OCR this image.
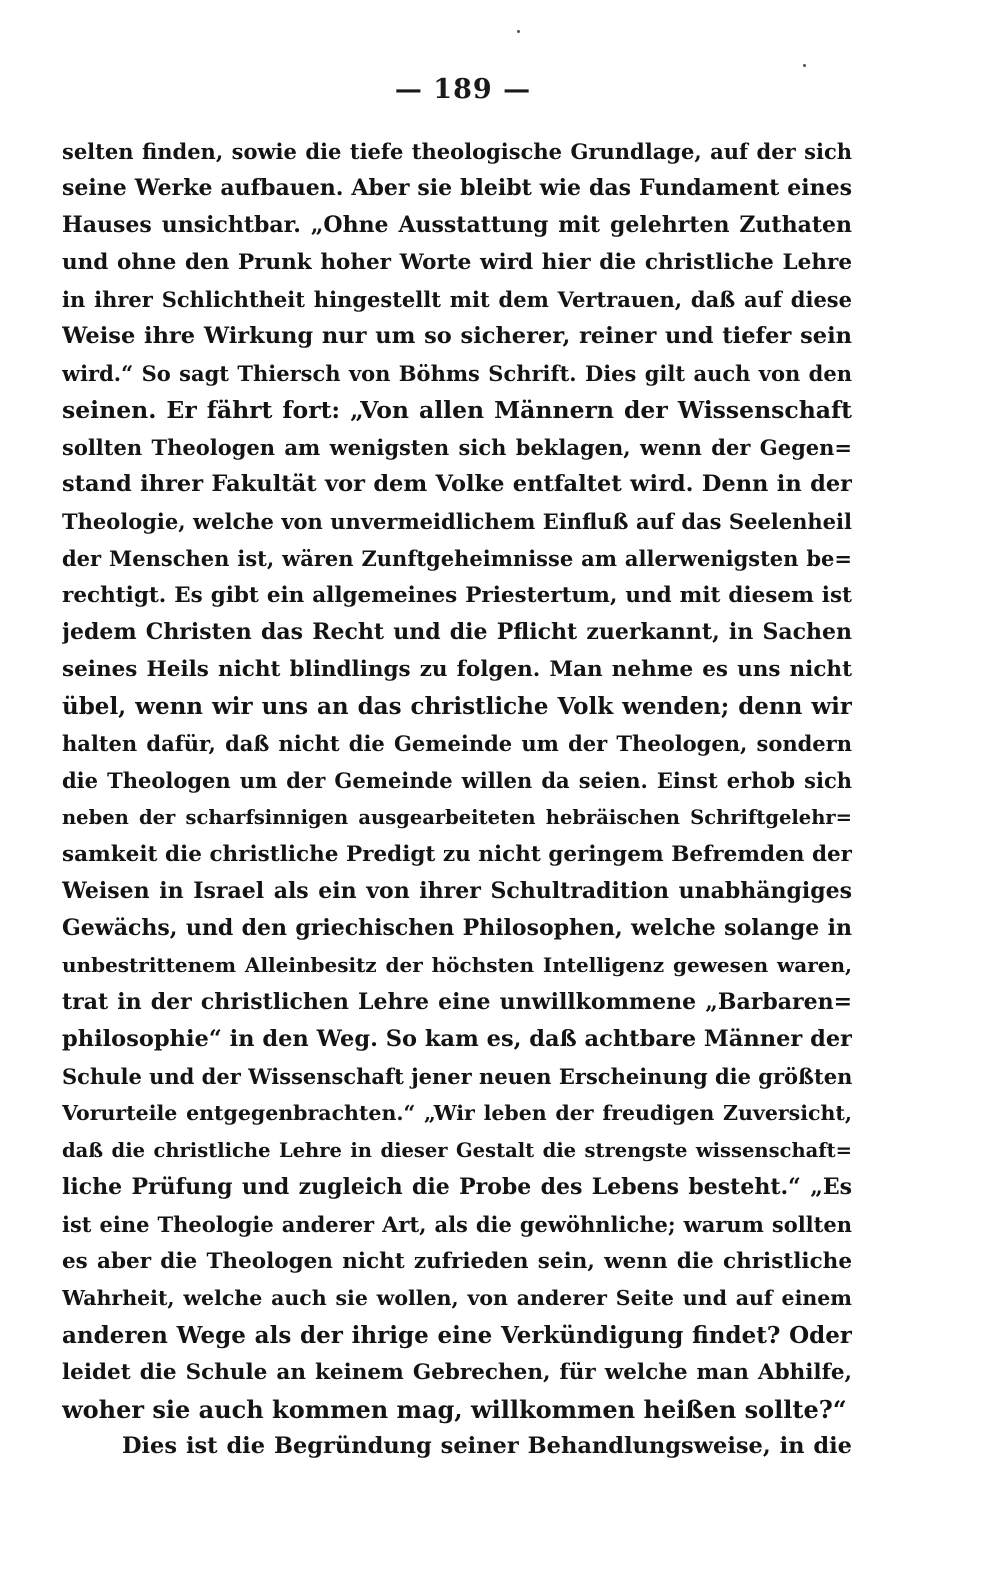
— 189 —
selten finden, sowie die tiefe theologische Grundlage, auf der sich
seine Werke aufbauen. Aber sie bleibt wie das Fundament eines
Hauses unsichtbar. „Ohne Ausstattung mit gelehrten Zuthaten
und ohne den Prunk hoher Worte wird hier die christliche Lehre
in ihrer Schlichtheit hingestellt mit dem Vertrauen, daß auf diese
Weise ihre Wirkung nur um so sicherer, reiner und tiefer sein
wird.“ So sagt Thiersch von Böhms Schrift. Dies gilt auch von den
seinen. Er fährt fort: „Von allen Männern der Wissenschaft
sollten Theologen am wenigsten sich beklagen, wenn der Gegen=
stand ihrer Fakultät vor dem Volke entfaltet wird. Denn in der
Theologie, welche von unvermeidlichem Einfluß auf das Seelenheil
der Menschen ist, wären Zunftgeheimnisse am allerwenigsten be=
rechtigt. Es gibt ein allgemeines Priestertum, und mit diesem ist
jedem Christen das Recht und die Pflicht zuerkannt, in Sachen
seines Heils nicht blindlings zu folgen. Man nehme es uns nicht
übel, wenn wir uns an das christliche Volk wenden; denn wir
halten dafür, daß nicht die Gemeinde um der Theologen, sondern
die Theologen um der Gemeinde willen da seien. Einst erhob sich
neben der scharfsinnigen ausgearbeiteten hebräischen Schriftgelehr=
samkeit die christliche Predigt zu nicht geringem Befremden der
Weisen in Israel als ein von ihrer Schultradition unabhängiges
Gewächs, und den griechischen Philosophen, welche solange in
unbestrittenem Alleinbesitz der höchsten Intelligenz gewesen waren,
trat in der christlichen Lehre eine unwillkommene „Barbaren=
philosophie“ in den Weg. So kam es, daß achtbare Männer der
Schule und der Wissenschaft jener neuen Erscheinung die größten
Vorurteile entgegenbrachten.“ „Wir leben der freudigen Zuversicht,
daß die christliche Lehre in dieser Gestalt die strengste wissenschaft=
liche Prüfung und zugleich die Probe des Lebens besteht.“ „Es
ist eine Theologie anderer Art, als die gewöhnliche; warum sollten
es aber die Theologen nicht zufrieden sein, wenn die christliche
Wahrheit, welche auch sie wollen, von anderer Seite und auf einem
anderen Wege als der ihrige eine Verkündigung findet? Oder
leidet die Schule an keinem Gebrechen, für welche man Abhilfe,
woher sie auch kommen mag, willkommen heißen sollte?“
Dies ist die Begründung seiner Behandlungsweise, in die
